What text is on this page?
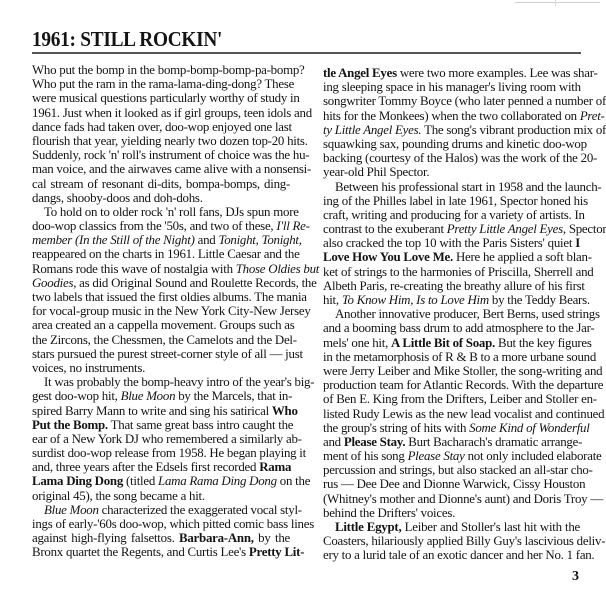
1961: STILL ROCKIN'
Who put the bomp in the bomp-bomp-bomp-pa-bomp?
Who put the ram in the rama-lama-ding-dong? These
were musical questions particularly worthy of study in
1961. Just when it looked as if girl groups, teen idols and
dance fads had taken over, doo-wop enjoyed one last
flourish that year, yielding nearly two dozen top-20 hits.
Suddenly, rock 'n' roll's instrument of choice was the hu-
man voice, and the airwaves came alive with a nonsensi-
cal stream of resonant di-dits, bompa-bomps, ding-
dangs, shooby-doos and doh-dohs.
To hold on to older rock 'n' roll fans, DJs spun more
doo-wop classics from the '50s, and two of these, I'll Re-
member (In the Still of the Night) and Tonight, Tonight,
reappeared on the charts in 1961. Little Caesar and the
Romans rode this wave of nostalgia with Those Oldies but
Goodies, as did Original Sound and Roulette Records, the
two labels that issued the first oldies albums. The mania
for vocal-group music in the New York City-New Jersey
area created an a cappella movement. Groups such as
the Zircons, the Chessmen, the Camelots and the Del-
stars pursued the purest street-corner style of all — just
voices, no instruments.
It was probably the bomp-heavy intro of the year's big-
gest doo-wop hit, Blue Moon by the Marcels, that in-
spired Barry Mann to write and sing his satirical Who
Put the Bomp. That same great bass intro caught the
ear of a New York DJ who remembered a similarly ab-
surdist doo-wop release from 1958. He began playing it
and, three years after the Edsels first recorded Rama
Lama Ding Dong (titled Lama Rama Ding Dong on the
original 45), the song became a hit.
Blue Moon characterized the exaggerated vocal styl-
ings of early-'60s doo-wop, which pitted comic bass lines
against high-flying falsettos. Barbara-Ann, by the
Bronx quartet the Regents, and Curtis Lee's Pretty Lit-
tle Angel Eyes were two more examples. Lee was shar-
ing sleeping space in his manager's living room with
songwriter Tommy Boyce (who later penned a number of
hits for the Monkees) when the two collaborated on Pret-
ty Little Angel Eyes. The song's vibrant production mix of
squawking sax, pounding drums and kinetic doo-wop
backing (courtesy of the Halos) was the work of the 20-
year-old Phil Spector.
Between his professional start in 1958 and the launch-
ing of the Philles label in late 1961, Spector honed his
craft, writing and producing for a variety of artists. In
contrast to the exuberant Pretty Little Angel Eyes, Spector
also cracked the top 10 with the Paris Sisters' quiet I
Love How You Love Me. Here he applied a soft blan-
ket of strings to the harmonies of Priscilla, Sherrell and
Albeth Paris, re-creating the breathy allure of his first
hit, To Know Him, Is to Love Him by the Teddy Bears.
Another innovative producer, Bert Berns, used strings
and a booming bass drum to add atmosphere to the Jar-
mels' one hit, A Little Bit of Soap. But the key figures
in the metamorphosis of R & B to a more urbane sound
were Jerry Leiber and Mike Stoller, the song-writing and
production team for Atlantic Records. With the departure
of Ben E. King from the Drifters, Leiber and Stoller en-
listed Rudy Lewis as the new lead vocalist and continued
the group's string of hits with Some Kind of Wonderful
and Please Stay. Burt Bacharach's dramatic arrange-
ment of his song Please Stay not only included elaborate
percussion and strings, but also stacked an all-star cho-
rus — Dee Dee and Dionne Warwick, Cissy Houston
(Whitney's mother and Dionne's aunt) and Doris Troy —
behind the Drifters' voices.
Little Egypt, Leiber and Stoller's last hit with the
Coasters, hilariously applied Billy Guy's lascivious deliv-
ery to a lurid tale of an exotic dancer and her No. 1 fan.
3
